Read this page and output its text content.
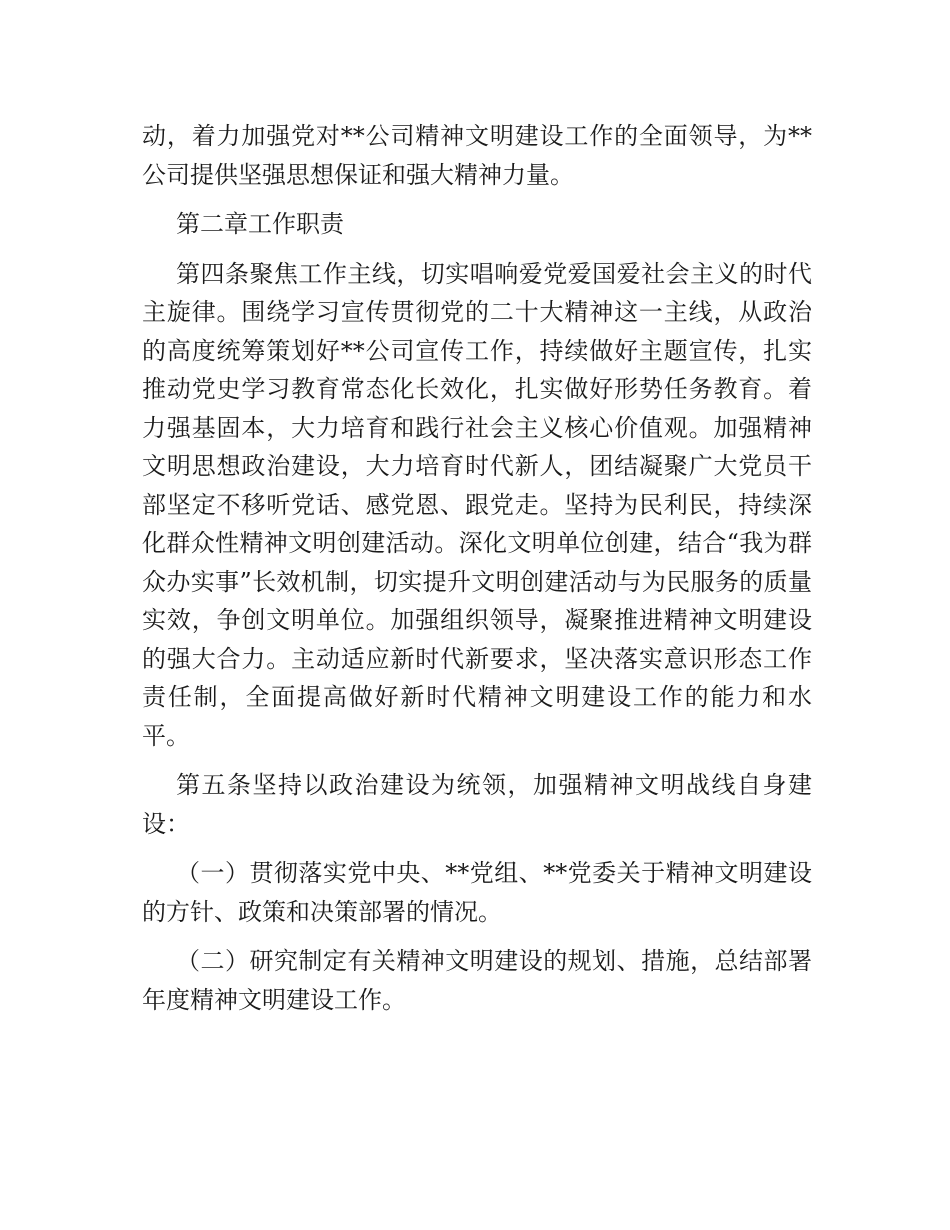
动，着力加强党对**公司精神文明建设工作的全面领导，为**公司提供坚强思想保证和强大精神力量。

第二章工作职责

第四条聚焦工作主线，切实唱响爱党爱国爱社会主义的时代主旋律。围绕学习宣传贯彻党的二十大精神这一主线，从政治的高度统筹策划好**公司宣传工作，持续做好主题宣传，扎实推动党史学习教育常态化长效化，扎实做好形势任务教育。着力强基固本，大力培育和践行社会主义核心价值观。加强精神文明思想政治建设，大力培育时代新人，团结凝聚广大党员干部坚定不移听党话、感党恩、跟党走。坚持为民利民，持续深化群众性精神文明创建活动。深化文明单位创建，结合“我为群众办实事”长效机制，切实提升文明创建活动与为民服务的质量实效，争创文明单位。加强组织领导，凝聚推进精神文明建设的强大合力。主动适应新时代新要求，坚决落实意识形态工作责任制，全面提高做好新时代精神文明建设工作的能力和水平。

第五条坚持以政治建设为统领，加强精神文明战线自身建设：

（一）贯彻落实党中央、**党组、**党委关于精神文明建设的方针、政策和决策部署的情况。

（二）研究制定有关精神文明建设的规划、措施，总结部署年度精神文明建设工作。
